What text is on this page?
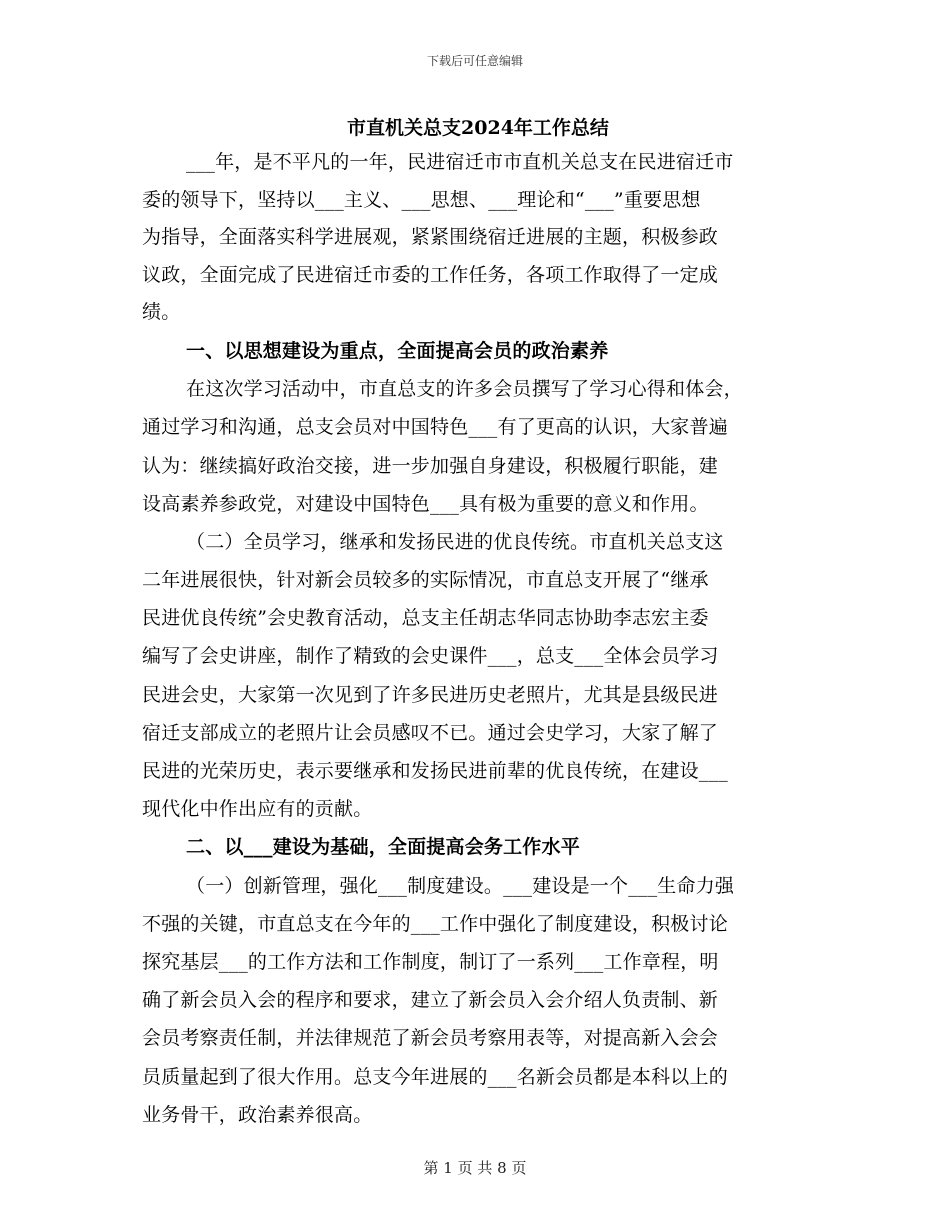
下载后可任意编辑
市直机关总支2024年工作总结
___年，是不平凡的一年，民进宿迁市市直机关总支在民进宿迁市
委的领导下，坚持以___主义、___思想、___理论和“___”重要思想
为指导，全面落实科学进展观，紧紧围绕宿迁进展的主题，积极参政
议政，全面完成了民进宿迁市委的工作任务，各项工作取得了一定成
绩。
一、以思想建设为重点，全面提高会员的政治素养
在这次学习活动中，市直总支的许多会员撰写了学习心得和体会，
通过学习和沟通，总支会员对中国特色___有了更高的认识，大家普遍
认为：继续搞好政治交接，进一步加强自身建设，积极履行职能，建
设高素养参政党，对建设中国特色___具有极为重要的意义和作用。
（二）全员学习，继承和发扬民进的优良传统。市直机关总支这
二年进展很快，针对新会员较多的实际情况，市直总支开展了“继承
民进优良传统”会史教育活动，总支主任胡志华同志协助李志宏主委
编写了会史讲座，制作了精致的会史课件___，总支___全体会员学习
民进会史，大家第一次见到了许多民进历史老照片，尤其是县级民进
宿迁支部成立的老照片让会员感叹不已。通过会史学习，大家了解了
民进的光荣历史，表示要继承和发扬民进前辈的优良传统，在建设___
现代化中作出应有的贡献。
二、以___建设为基础，全面提高会务工作水平
（一）创新管理，强化___制度建设。___建设是一个___生命力强
不强的关键，市直总支在今年的___工作中强化了制度建设，积极讨论
探究基层___的工作方法和工作制度，制订了一系列___工作章程，明
确了新会员入会的程序和要求，建立了新会员入会介绍人负责制、新
会员考察责任制，并法律规范了新会员考察用表等，对提高新入会会
员质量起到了很大作用。总支今年进展的___名新会员都是本科以上的
业务骨干，政治素养很高。
第 1 页 共 8 页
